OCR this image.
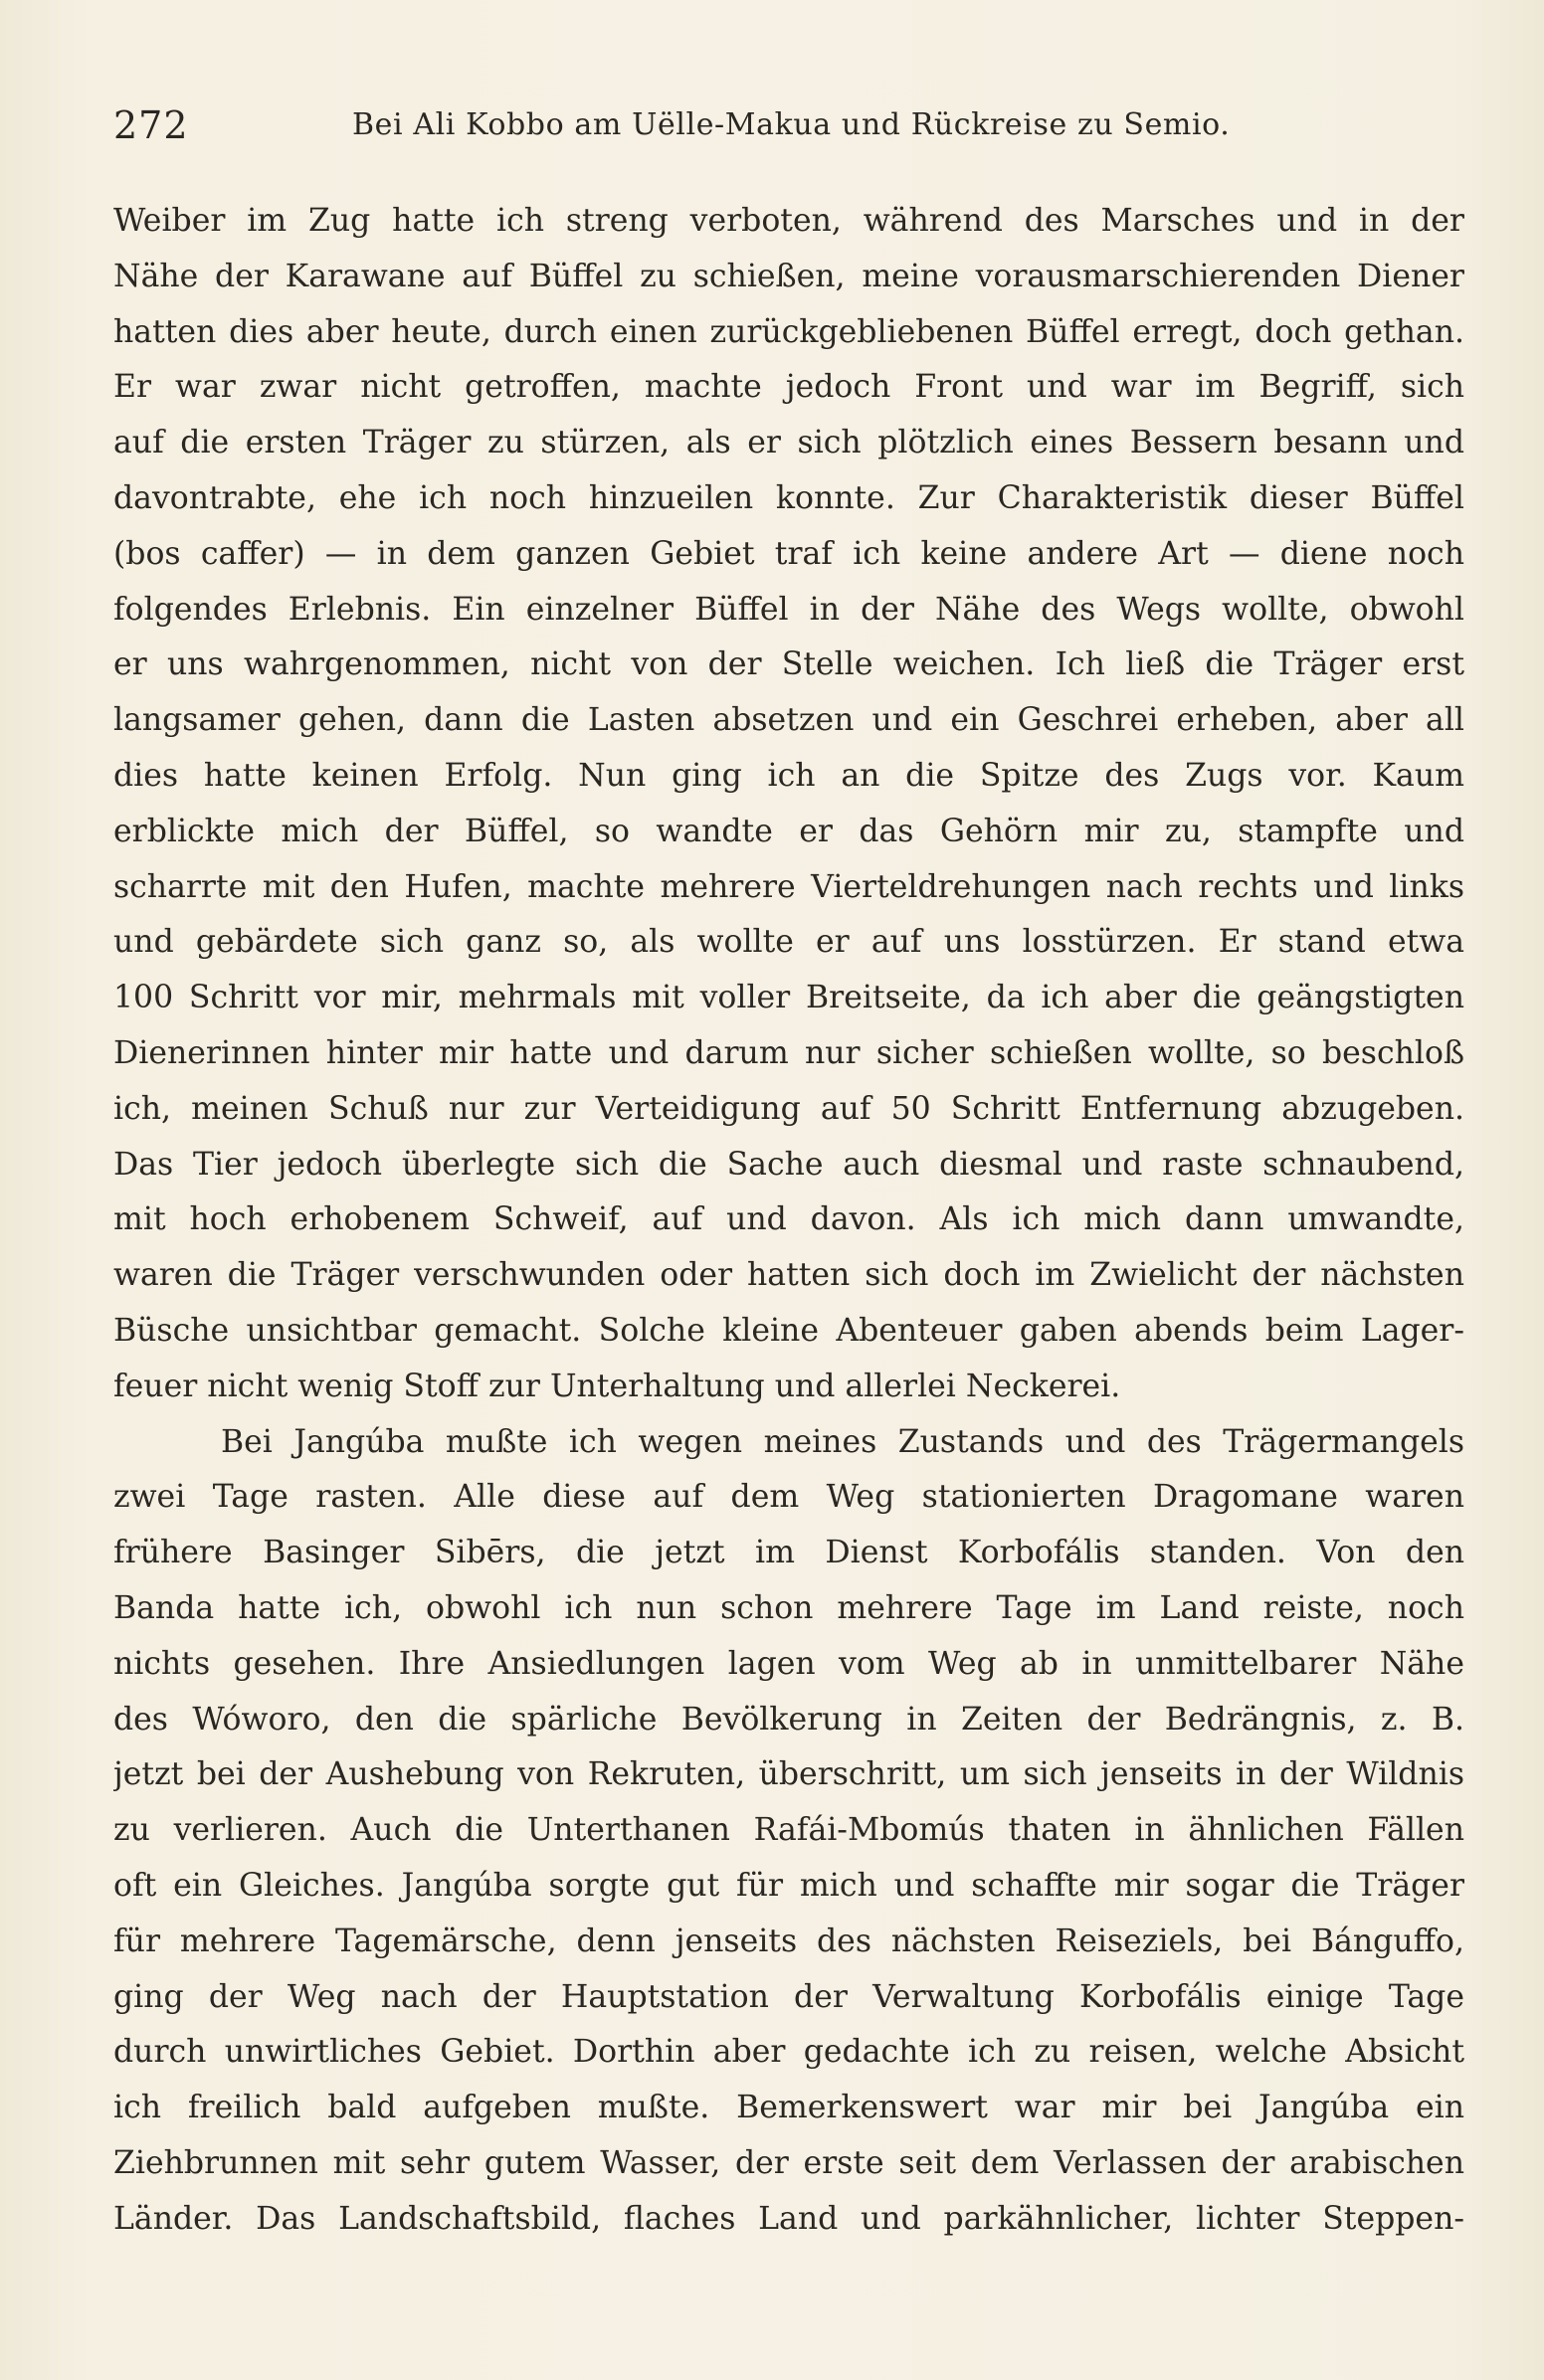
272	Bei Ali Kobbo am Uëlle-Makua und Rückreise zu Semio.
Weiber im Zug hatte ich streng verboten, während des Marsches und in der
Nähe der Karawane auf Büffel zu schießen, meine vorausmarschierenden Diener
hatten dies aber heute, durch einen zurückgebliebenen Büffel erregt, doch gethan.
Er war zwar nicht getroffen, machte jedoch Front und war im Begriff, sich
auf die ersten Träger zu stürzen, als er sich plötzlich eines Bessern besann und
davontrabte, ehe ich noch hinzueilen konnte. Zur Charakteristik dieser Büffel
(bos caffer) — in dem ganzen Gebiet traf ich keine andere Art — diene noch
folgendes Erlebnis. Ein einzelner Büffel in der Nähe des Wegs wollte, obwohl
er uns wahrgenommen, nicht von der Stelle weichen. Ich ließ die Träger erst
langsamer gehen, dann die Lasten absetzen und ein Geschrei erheben, aber all
dies hatte keinen Erfolg. Nun ging ich an die Spitze des Zugs vor. Kaum
erblickte mich der Büffel, so wandte er das Gehörn mir zu, stampfte und
scharrte mit den Hufen, machte mehrere Vierteldrehungen nach rechts und links
und gebärdete sich ganz so, als wollte er auf uns losstürzen. Er stand etwa
100 Schritt vor mir, mehrmals mit voller Breitseite, da ich aber die geängstigten
Dienerinnen hinter mir hatte und darum nur sicher schießen wollte, so beschloß
ich, meinen Schuß nur zur Verteidigung auf 50 Schritt Entfernung abzugeben.
Das Tier jedoch überlegte sich die Sache auch diesmal und raste schnaubend,
mit hoch erhobenem Schweif, auf und davon. Als ich mich dann umwandte,
waren die Träger verschwunden oder hatten sich doch im Zwielicht der nächsten
Büsche unsichtbar gemacht. Solche kleine Abenteuer gaben abends beim Lager-
feuer nicht wenig Stoff zur Unterhaltung und allerlei Neckerei.
Bei Jangúba mußte ich wegen meines Zustands und des Trägermangels
zwei Tage rasten. Alle diese auf dem Weg stationierten Dragomane waren
frühere Basinger Sibērs, die jetzt im Dienst Korbofális standen. Von den
Banda hatte ich, obwohl ich nun schon mehrere Tage im Land reiste, noch
nichts gesehen. Ihre Ansiedlungen lagen vom Weg ab in unmittelbarer Nähe
des Wóworo, den die spärliche Bevölkerung in Zeiten der Bedrängnis, z. B.
jetzt bei der Aushebung von Rekruten, überschritt, um sich jenseits in der Wildnis
zu verlieren. Auch die Unterthanen Rafái-Mbomús thaten in ähnlichen Fällen
oft ein Gleiches. Jangúba sorgte gut für mich und schaffte mir sogar die Träger
für mehrere Tagemärsche, denn jenseits des nächsten Reiseziels, bei Bánguffo,
ging der Weg nach der Hauptstation der Verwaltung Korbofális einige Tage
durch unwirtliches Gebiet. Dorthin aber gedachte ich zu reisen, welche Absicht
ich freilich bald aufgeben mußte. Bemerkenswert war mir bei Jangúba ein
Ziehbrunnen mit sehr gutem Wasser, der erste seit dem Verlassen der arabischen
Länder. Das Landschaftsbild, flaches Land und parkähnlicher, lichter Steppen-
